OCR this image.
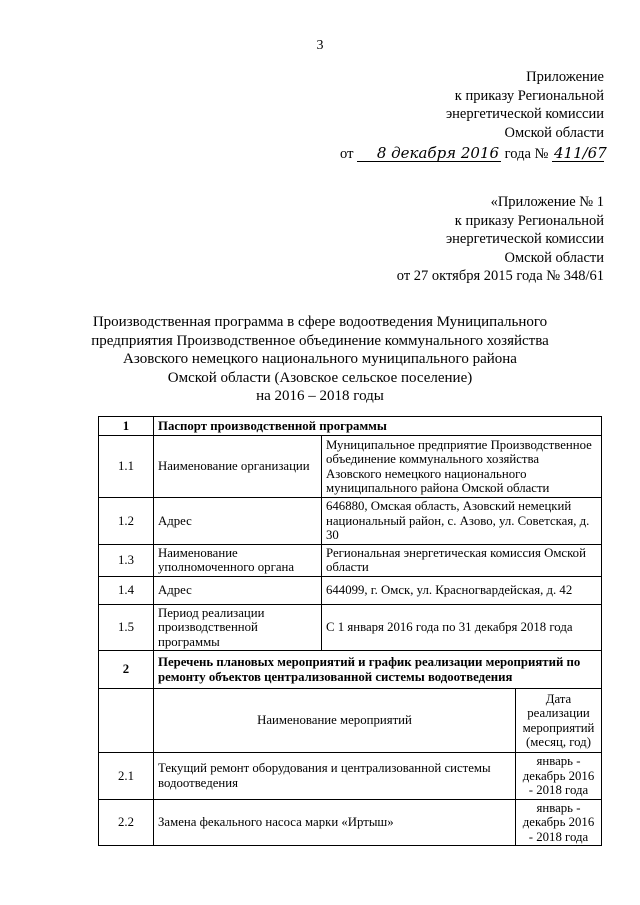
3
Приложение
к приказу Региональной
энергетической комиссии
Омской области
от 8 декабря 2016 года № 411/67
«Приложение № 1
к приказу Региональной
энергетической комиссии
Омской области
от 27 октября 2015 года № 348/61
Производственная программа в сфере водоотведения Муниципального
предприятия Производственное объединение коммунального хозяйства
Азовского немецкого национального муниципального района
Омской области (Азовское сельское поселение)
на 2016 – 2018 годы
1	Паспорт производственной программы		
1.1	Наименование организации	Муниципальное предприятие Производственное объединение коммунального хозяйства Азовского немецкого национального муниципального района Омской области	
1.2	Адрес	646880, Омская область, Азовский немецкий национальный район, с. Азово, ул. Советская, д. 30	
1.3	Наименование уполномоченного органа	Региональная энергетическая комиссия Омской области	
1.4	Адрес	644099, г. Омск, ул. Красногвардейская, д. 42	
1.5	Период реализации производственной программы	С 1 января 2016 года по 31 декабря 2018 года	
2	Перечень плановых мероприятий и график реализации мероприятий по ремонту объектов централизованной системы водоотведения		
	Наименование мероприятий		Дата реализации мероприятий (месяц, год)
2.1	Текущий ремонт оборудования и централизованной системы водоотведения		январь - декабрь 2016 - 2018 года
2.2	Замена фекального насоса марки «Иртыш»		январь - декабрь 2016 - 2018 года
